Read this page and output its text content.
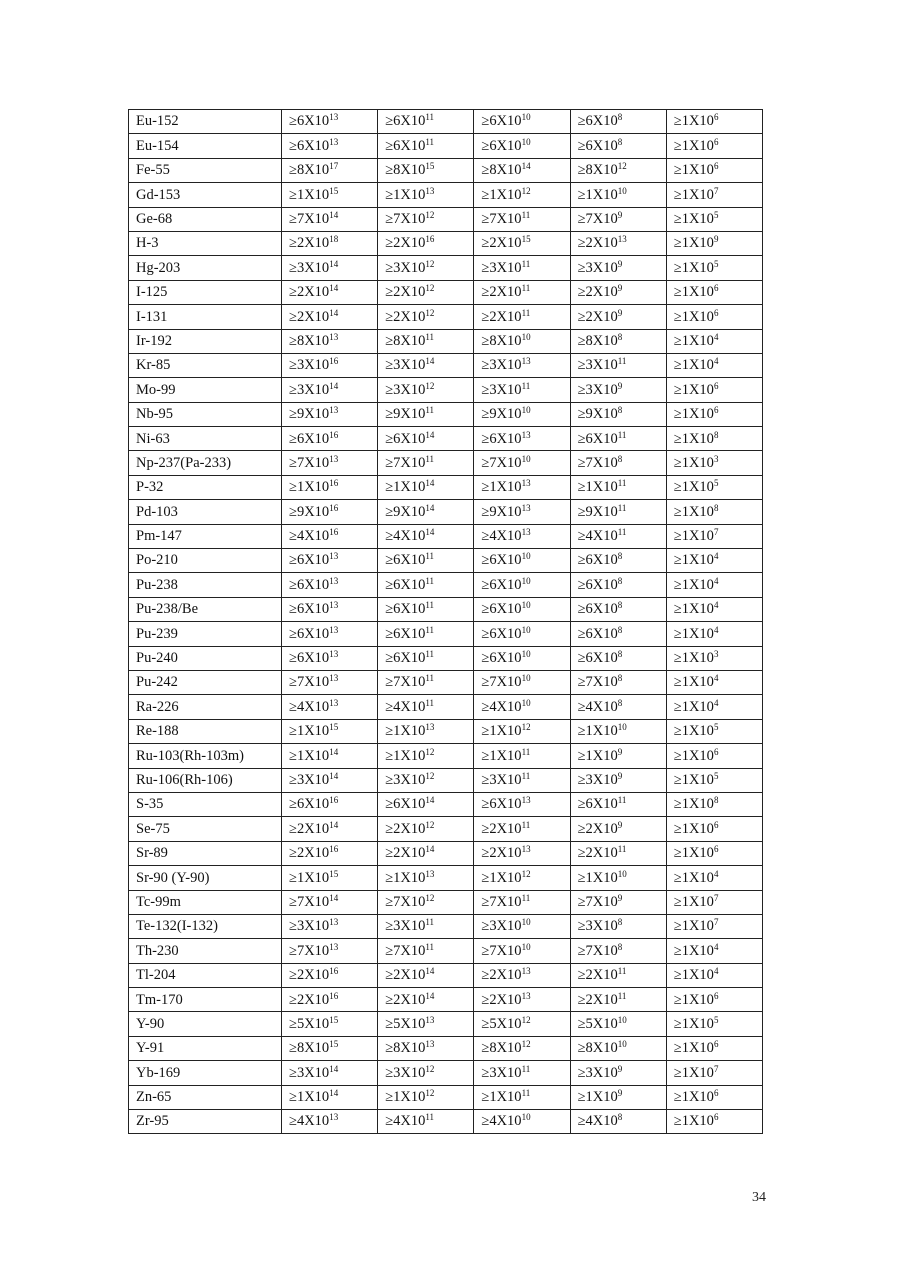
Eu-152	$\ge 6X10^{13}$	$\ge 6X10^{11}$	$\ge 6X10^{10}$	$\ge 6X10^8$	$\ge 1X10^6$
Eu-154	$\ge 6X10^{13}$	$\ge 6X10^{11}$	$\ge 6X10^{10}$	$\ge 6X10^8$	$\ge 1X10^6$
Fe-55	$\ge 8X10^{17}$	$\ge 8X10^{15}$	$\ge 8X10^{14}$	$\ge 8X10^{12}$	$\ge 1X10^6$
Gd-153	$\ge 1X10^{15}$	$\ge 1X10^{13}$	$\ge 1X10^{12}$	$\ge 1X10^{10}$	$\ge 1X10^7$
Ge-68	$\ge 7X10^{14}$	$\ge 7X10^{12}$	$\ge 7X10^{11}$	$\ge 7X10^9$	$\ge 1X10^5$
H-3	$\ge 2X10^{18}$	$\ge 2X10^{16}$	$\ge 2X10^{15}$	$\ge 2X10^{13}$	$\ge 1X10^9$
Hg-203	$\ge 3X10^{14}$	$\ge 3X10^{12}$	$\ge 3X10^{11}$	$\ge 3X10^9$	$\ge 1X10^5$
I-125	$\ge 2X10^{14}$	$\ge 2X10^{12}$	$\ge 2X10^{11}$	$\ge 2X10^9$	$\ge 1X10^6$
I-131	$\ge 2X10^{14}$	$\ge 2X10^{12}$	$\ge 2X10^{11}$	$\ge 2X10^9$	$\ge 1X10^6$
Ir-192	$\ge 8X10^{13}$	$\ge 8X10^{11}$	$\ge 8X10^{10}$	$\ge 8X10^8$	$\ge 1X10^4$
Kr-85	$\ge 3X10^{16}$	$\ge 3X10^{14}$	$\ge 3X10^{13}$	$\ge 3X10^{11}$	$\ge 1X10^4$
Mo-99	$\ge 3X10^{14}$	$\ge 3X10^{12}$	$\ge 3X10^{11}$	$\ge 3X10^9$	$\ge 1X10^6$
Nb-95	$\ge 9X10^{13}$	$\ge 9X10^{11}$	$\ge 9X10^{10}$	$\ge 9X10^8$	$\ge 1X10^6$
Ni-63	$\ge 6X10^{16}$	$\ge 6X10^{14}$	$\ge 6X10^{13}$	$\ge 6X10^{11}$	$\ge 1X10^8$
Np-237(Pa-233)	$\ge 7X10^{13}$	$\ge 7X10^{11}$	$\ge 7X10^{10}$	$\ge 7X10^8$	$\ge 1X10^3$
P-32	$\ge 1X10^{16}$	$\ge 1X10^{14}$	$\ge 1X10^{13}$	$\ge 1X10^{11}$	$\ge 1X10^5$
Pd-103	$\ge 9X10^{16}$	$\ge 9X10^{14}$	$\ge 9X10^{13}$	$\ge 9X10^{11}$	$\ge 1X10^8$
Pm-147	$\ge 4X10^{16}$	$\ge 4X10^{14}$	$\ge 4X10^{13}$	$\ge 4X10^{11}$	$\ge 1X10^7$
Po-210	$\ge 6X10^{13}$	$\ge 6X10^{11}$	$\ge 6X10^{10}$	$\ge 6X10^8$	$\ge 1X10^4$
Pu-238	$\ge 6X10^{13}$	$\ge 6X10^{11}$	$\ge 6X10^{10}$	$\ge 6X10^8$	$\ge 1X10^4$
Pu-238/Be	$\ge 6X10^{13}$	$\ge 6X10^{11}$	$\ge 6X10^{10}$	$\ge 6X10^8$	$\ge 1X10^4$
Pu-239	$\ge 6X10^{13}$	$\ge 6X10^{11}$	$\ge 6X10^{10}$	$\ge 6X10^8$	$\ge 1X10^4$
Pu-240	$\ge 6X10^{13}$	$\ge 6X10^{11}$	$\ge 6X10^{10}$	$\ge 6X10^8$	$\ge 1X10^3$
Pu-242	$\ge 7X10^{13}$	$\ge 7X10^{11}$	$\ge 7X10^{10}$	$\ge 7X10^8$	$\ge 1X10^4$
Ra-226	$\ge 4X10^{13}$	$\ge 4X10^{11}$	$\ge 4X10^{10}$	$\ge 4X10^8$	$\ge 1X10^4$
Re-188	$\ge 1X10^{15}$	$\ge 1X10^{13}$	$\ge 1X10^{12}$	$\ge 1X10^{10}$	$\ge 1X10^5$
Ru-103(Rh-103m)	$\ge 1X10^{14}$	$\ge 1X10^{12}$	$\ge 1X10^{11}$	$\ge 1X10^9$	$\ge 1X10^6$
Ru-106(Rh-106)	$\ge 3X10^{14}$	$\ge 3X10^{12}$	$\ge 3X10^{11}$	$\ge 3X10^9$	$\ge 1X10^5$
S-35	$\ge 6X10^{16}$	$\ge 6X10^{14}$	$\ge 6X10^{13}$	$\ge 6X10^{11}$	$\ge 1X10^8$
Se-75	$\ge 2X10^{14}$	$\ge 2X10^{12}$	$\ge 2X10^{11}$	$\ge 2X10^9$	$\ge 1X10^6$
Sr-89	$\ge 2X10^{16}$	$\ge 2X10^{14}$	$\ge 2X10^{13}$	$\ge 2X10^{11}$	$\ge 1X10^6$
Sr-90 (Y-90)	$\ge 1X10^{15}$	$\ge 1X10^{13}$	$\ge 1X10^{12}$	$\ge 1X10^{10}$	$\ge 1X10^4$
Tc-99m	$\ge 7X10^{14}$	$\ge 7X10^{12}$	$\ge 7X10^{11}$	$\ge 7X10^9$	$\ge 1X10^7$
Te-132(I-132)	$\ge 3X10^{13}$	$\ge 3X10^{11}$	$\ge 3X10^{10}$	$\ge 3X10^8$	$\ge 1X10^7$
Th-230	$\ge 7X10^{13}$	$\ge 7X10^{11}$	$\ge 7X10^{10}$	$\ge 7X10^8$	$\ge 1X10^4$
Tl-204	$\ge 2X10^{16}$	$\ge 2X10^{14}$	$\ge 2X10^{13}$	$\ge 2X10^{11}$	$\ge 1X10^4$
Tm-170	$\ge 2X10^{16}$	$\ge 2X10^{14}$	$\ge 2X10^{13}$	$\ge 2X10^{11}$	$\ge 1X10^6$
Y-90	$\ge 5X10^{15}$	$\ge 5X10^{13}$	$\ge 5X10^{12}$	$\ge 5X10^{10}$	$\ge 1X10^5$
Y-91	$\ge 8X10^{15}$	$\ge 8X10^{13}$	$\ge 8X10^{12}$	$\ge 8X10^{10}$	$\ge 1X10^6$
Yb-169	$\ge 3X10^{14}$	$\ge 3X10^{12}$	$\ge 3X10^{11}$	$\ge 3X10^9$	$\ge 1X10^7$
Zn-65	$\ge 1X10^{14}$	$\ge 1X10^{12}$	$\ge 1X10^{11}$	$\ge 1X10^9$	$\ge 1X10^6$
Zr-95	$\ge 4X10^{13}$	$\ge 4X10^{11}$	$\ge 4X10^{10}$	$\ge 4X10^8$	$\ge 1X10^6$
34
